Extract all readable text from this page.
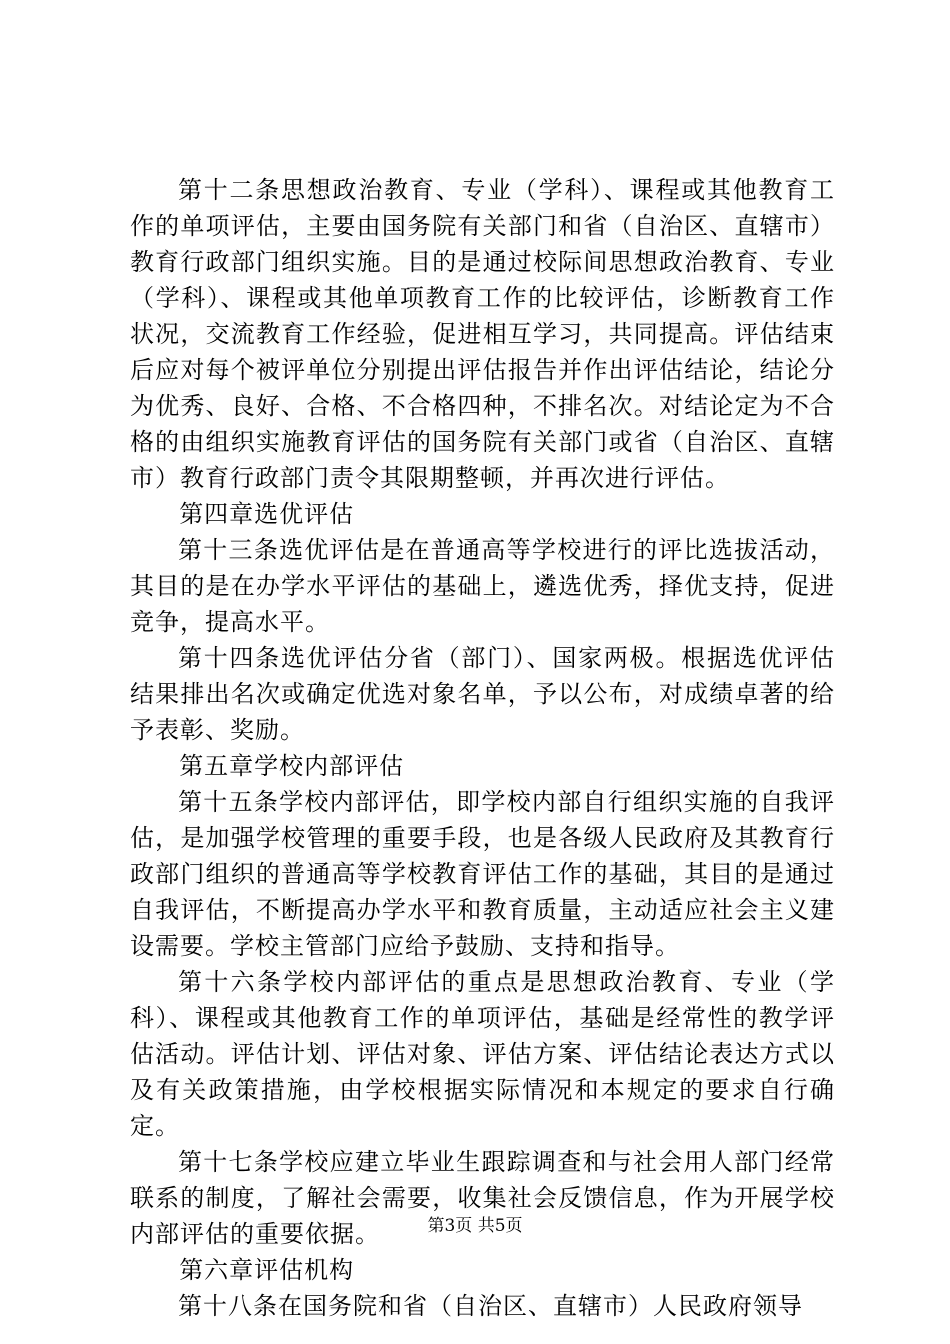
第十二条思想政治教育、专业（学科）、课程或其他教育工作的单项评估，主要由国务院有关部门和省（自治区、直辖市）教育行政部门组织实施。目的是通过校际间思想政治教育、专业（学科）、课程或其他单项教育工作的比较评估，诊断教育工作状况，交流教育工作经验，促进相互学习，共同提高。评估结束后应对每个被评单位分别提出评估报告并作出评估结论，结论分为优秀、良好、合格、不合格四种，不排名次。对结论定为不合格的由组织实施教育评估的国务院有关部门或省（自治区、直辖市）教育行政部门责令其限期整顿，并再次进行评估。

第四章选优评估

第十三条选优评估是在普通高等学校进行的评比选拔活动，其目的是在办学水平评估的基础上，遴选优秀，择优支持，促进竞争，提高水平。

第十四条选优评估分省（部门）、国家两极。根据选优评估结果排出名次或确定优选对象名单，予以公布，对成绩卓著的给予表彰、奖励。

第五章学校内部评估

第十五条学校内部评估，即学校内部自行组织实施的自我评估，是加强学校管理的重要手段，也是各级人民政府及其教育行政部门组织的普通高等学校教育评估工作的基础，其目的是通过自我评估，不断提高办学水平和教育质量，主动适应社会主义建设需要。学校主管部门应给予鼓励、支持和指导。

第十六条学校内部评估的重点是思想政治教育、专业（学科）、课程或其他教育工作的单项评估，基础是经常性的教学评估活动。评估计划、评估对象、评估方案、评估结论表达方式以及有关政策措施，由学校根据实际情况和本规定的要求自行确定。

第十七条学校应建立毕业生跟踪调查和与社会用人部门经常联系的制度，了解社会需要，收集社会反馈信息，作为开展学校内部评估的重要依据。

第六章评估机构

第十八条在国务院和省（自治区、直辖市）人民政府领导

第3页 共5页
